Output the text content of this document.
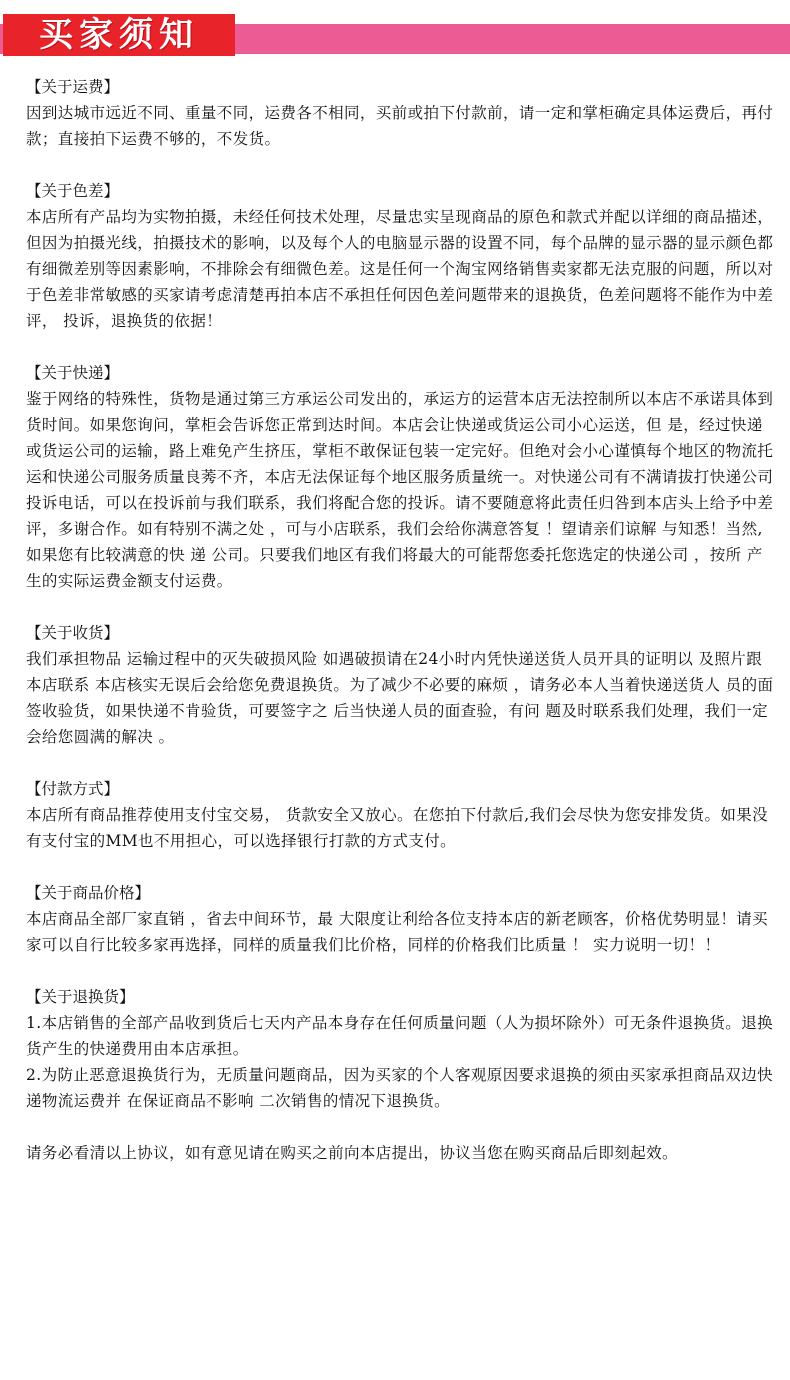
买家须知
【关于运费】

因到达城市远近不同、重量不同，运费各不相同，买前或拍下付款前，请一定和掌柜确定具体运费后，再付款；直接拍下运费不够的，不发货。

【关于色差】

本店所有产品均为实物拍摄，未经任何技术处理，尽量忠实呈现商品的原色和款式并配以详细的商品描述，但因为拍摄光线，拍摄技术的影响，以及每个人的电脑显示器的设置不同，每个品牌的显示器的显示颜色都有细微差别等因素影响，不排除会有细微色差。这是任何一个淘宝网络销售卖家都无法克服的问题，所以对于色差非常敏感的买家请考虑清楚再拍本店不承担任何因色差问题带来的退换货，色差问题将不能作为中差评， 投诉，退换货的依据！

【关于快递】

鉴于网络的特殊性，货物是通过第三方承运公司发出的，承运方的运营本店无法控制所以本店不承诺具体到货时间。如果您询问，掌柜会告诉您正常到达时间。本店会让快递或货运公司小心运送，但 是，经过快递或货运公司的运输，路上难免产生挤压，掌柜不敢保证包装一定完好。但绝对会小心谨慎每个地区的物流托运和快递公司服务质量良莠不齐，本店无法保证每个地区服务质量统一。对快递公司有不满请拔打快递公司投诉电话，可以在投诉前与我们联系，我们将配合您的投诉。请不要随意将此责任归咎到本店头上给予中差评，多谢合作。如有特别不满之处 ，可与小店联系，我们会给你满意答复 ！望请亲们谅解 与知悉！当然,如果您有比较满意的快 递 公司。只要我们地区有我们将最大的可能帮您委托您选定的快递公司 ，按所 产生的实际运费金额支付运费。

【关于收货】

我们承担物品 运输过程中的灭失破损风险 如遇破损请在24小时内凭快递送货人员开具的证明以 及照片跟本店联系 本店核实无误后会给您免费退换货。为了减少不必要的麻烦 ，请务必本人当着快递送货人 员的面签收验货，如果快递不肯验货，可要签字之 后当快递人员的面查验，有问 题及时联系我们处理，我们一定会给您圆满的解决 。

【付款方式】

本店所有商品推荐使用支付宝交易， 货款安全又放心。在您拍下付款后,我们会尽快为您安排发货。如果没有支付宝的MM也不用担心，可以选择银行打款的方式支付。

【关于商品价格】

本店商品全部厂家直销 ，省去中间环节，最 大限度让利给各位支持本店的新老顾客，价格优势明显！请买家可以自行比较多家再选择，同样的质量我们比价格，同样的价格我们比质量 ！ 实力说明一切！！

【关于退换货】

1.本店销售的全部产品收到货后七天内产品本身存在任何质量问题（人为损坏除外）可无条件退换货。退换货产生的快递费用由本店承担。

2.为防止恶意退换货行为，无质量问题商品，因为买家的个人客观原因要求退换的须由买家承担商品双边快递物流运费并 在保证商品不影响 二次销售的情况下退换货。

请务必看清以上协议，如有意见请在购买之前向本店提出，协议当您在购买商品后即刻起效。
